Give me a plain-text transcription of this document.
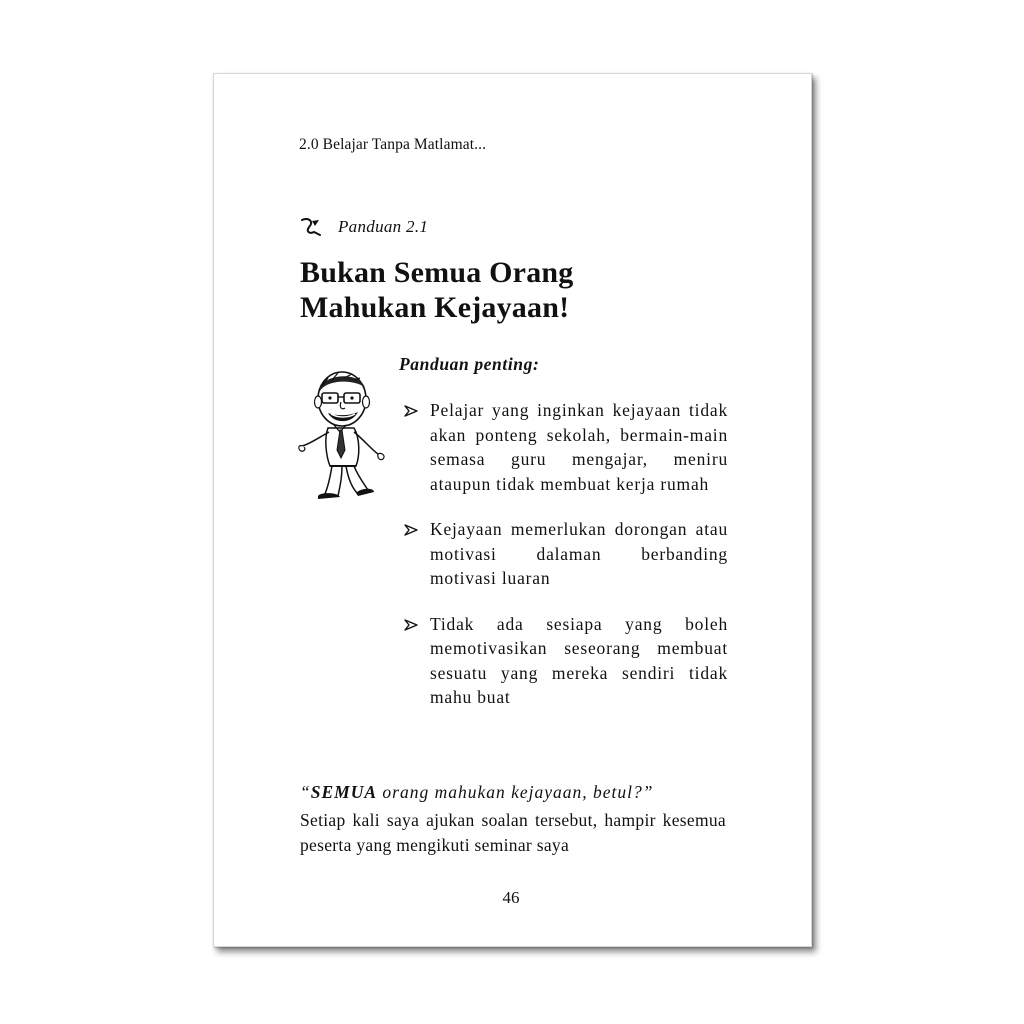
2.0 Belajar Tanpa Matlamat...
Panduan 2.1
Bukan Semua Orang
Mahukan Kejayaan!
Panduan penting:
Pelajar yang inginkan kejayaan tidak akan ponteng sekolah, bermain-main semasa guru mengajar, meniru ataupun tidak membuat kerja rumah
Kejayaan memerlukan dorongan atau motivasi dalaman berbanding motivasi luaran
Tidak ada sesiapa yang boleh memotivasikan seseorang membuat sesuatu yang mereka sendiri tidak mahu buat
“SEMUA orang mahukan kejayaan, betul?”
Setiap kali saya ajukan soalan tersebut, hampir kesemua peserta yang mengikuti seminar saya
46
